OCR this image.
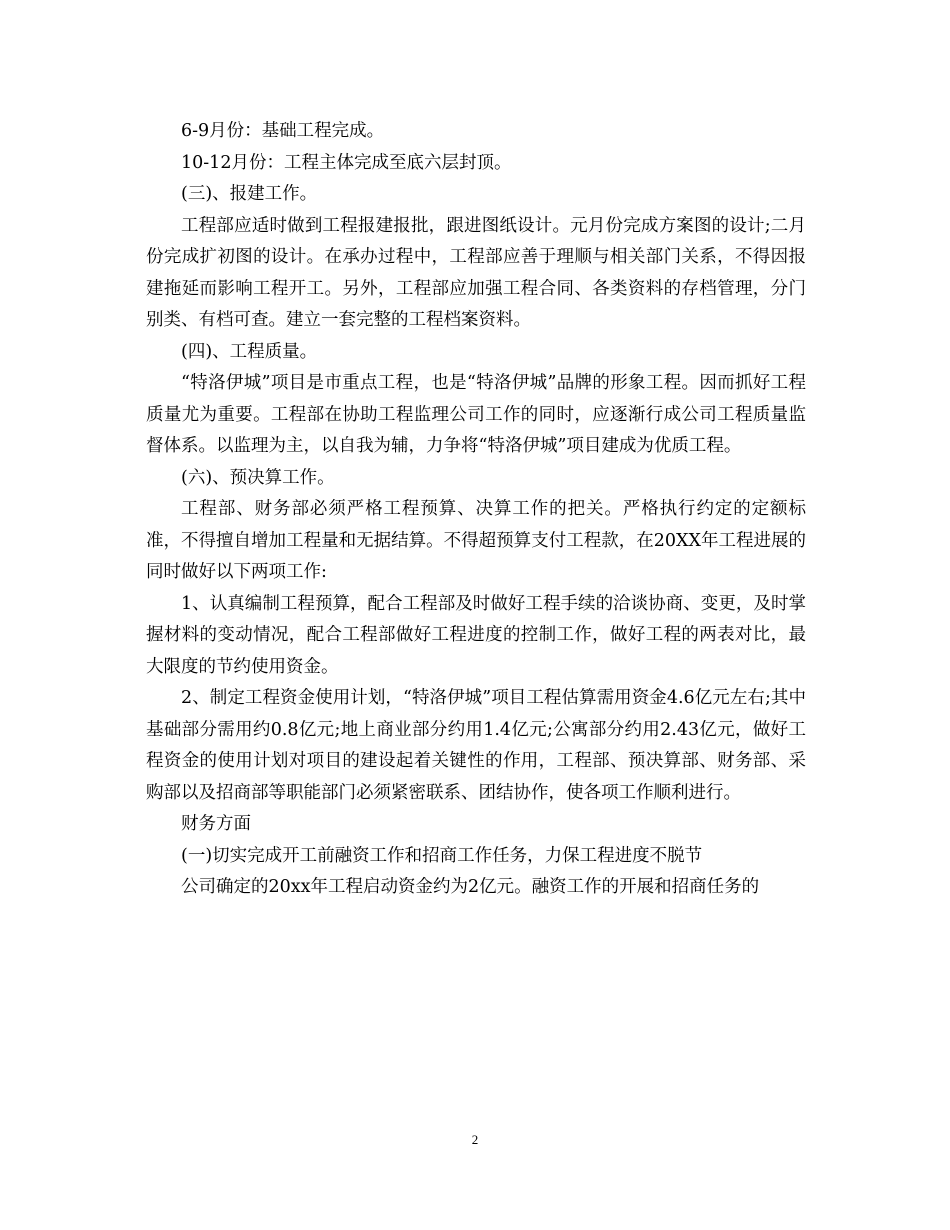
6-9月份：基础工程完成。

10-12月份：工程主体完成至底六层封顶。

(三)、报建工作。

工程部应适时做到工程报建报批，跟进图纸设计。元月份完成方案图的设计;二月份完成扩初图的设计。在承办过程中，工程部应善于理顺与相关部门关系，不得因报建拖延而影响工程开工。另外，工程部应加强工程合同、各类资料的存档管理，分门别类、有档可查。建立一套完整的工程档案资料。

(四)、工程质量。

“特洛伊城”项目是市重点工程，也是“特洛伊城”品牌的形象工程。因而抓好工程质量尤为重要。工程部在协助工程监理公司工作的同时，应逐渐行成公司工程质量监督体系。以监理为主，以自我为辅，力争将“特洛伊城”项目建成为优质工程。

(六)、预决算工作。

工程部、财务部必须严格工程预算、决算工作的把关。严格执行约定的定额标准，不得擅自增加工程量和无据结算。不得超预算支付工程款，在20XX年工程进展的同时做好以下两项工作:

1、认真编制工程预算，配合工程部及时做好工程手续的洽谈协商、变更，及时掌握材料的变动情况，配合工程部做好工程进度的控制工作，做好工程的两表对比，最大限度的节约使用资金。

2、制定工程资金使用计划，“特洛伊城”项目工程估算需用资金4.6亿元左右;其中基础部分需用约0.8亿元;地上商业部分约用1.4亿元;公寓部分约用2.43亿元，做好工程资金的使用计划对项目的建设起着关键性的作用，工程部、预决算部、财务部、采购部以及招商部等职能部门必须紧密联系、团结协作，使各项工作顺利进行。

财务方面

(一)切实完成开工前融资工作和招商工作任务，力保工程进度不脱节

公司确定的20xx年工程启动资金约为2亿元。融资工作的开展和招商任务的

2
